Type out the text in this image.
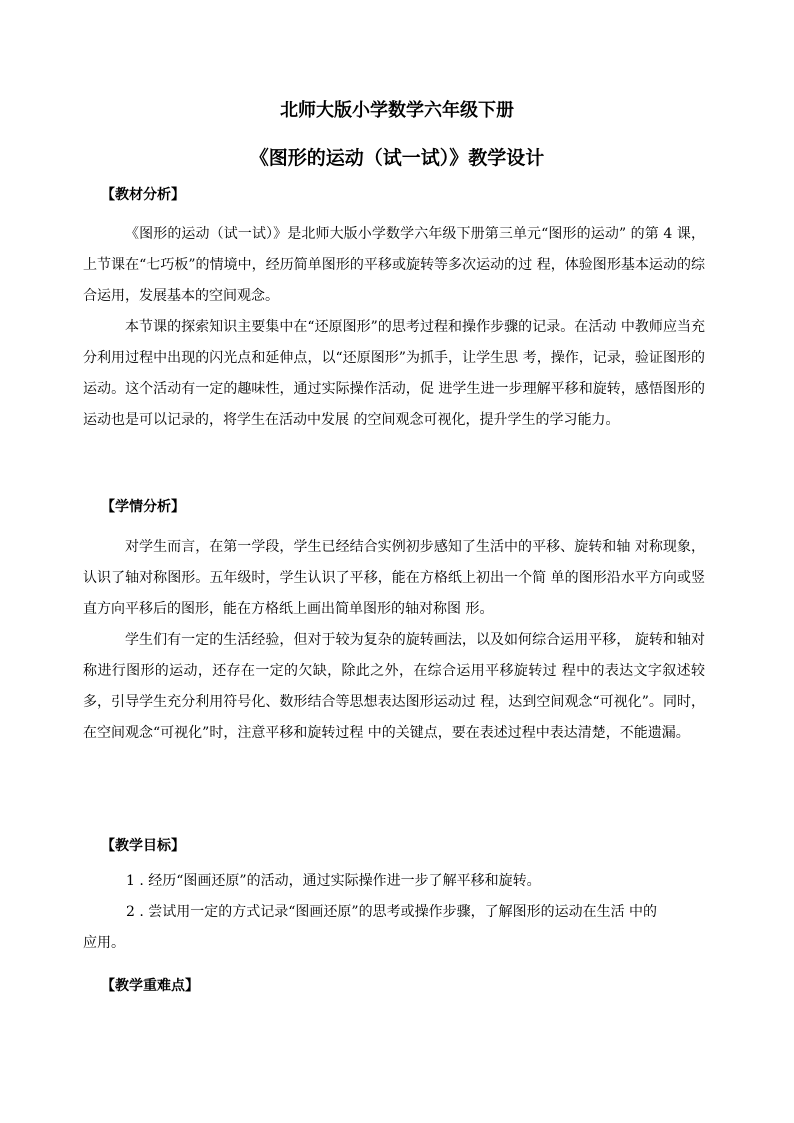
北师大版小学数学六年级下册
《图形的运动（试一试）》教学设计
【教材分析】

《图形的运动（试一试）》是北师大版小学数学六年级下册第三单元“图形的运动” 的第 4 课，上节课在“七巧板”的情境中，经历简单图形的平移或旋转等多次运动的过 程，体验图形基本运动的综合运用，发展基本的空间观念。

本节课的探索知识主要集中在“还原图形”的思考过程和操作步骤的记录。在活动 中教师应当充分利用过程中出现的闪光点和延伸点，以“还原图形”为抓手，让学生思 考，操作，记录，验证图形的运动。这个活动有一定的趣味性，通过实际操作活动，促 进学生进一步理解平移和旋转，感悟图形的运动也是可以记录的，将学生在活动中发展 的空间观念可视化，提升学生的学习能力。

【学情分析】

对学生而言，在第一学段，学生已经结合实例初步感知了生活中的平移、旋转和轴 对称现象，认识了轴对称图形。五年级时，学生认识了平移，能在方格纸上初出一个简 单的图形沿水平方向或竖直方向平移后的图形，能在方格纸上画出简单图形的轴对称图 形。

学生们有一定的生活经验，但对于较为复杂的旋转画法，以及如何综合运用平移， 旋转和轴对称进行图形的运动，还存在一定的欠缺，除此之外，在综合运用平移旋转过 程中的表达文字叙述较多，引导学生充分利用符号化、数形结合等思想表达图形运动过 程，达到空间观念“可视化”。同时，在空间观念“可视化”时，注意平移和旋转过程 中的关键点，要在表述过程中表达清楚，不能遗漏。

【教学目标】

1 . 经历“图画还原”的活动，通过实际操作进一步了解平移和旋转。

2 . 尝试用一定的方式记录“图画还原”的思考或操作步骤，了解图形的运动在生活 中的

应用。

【教学重难点】
